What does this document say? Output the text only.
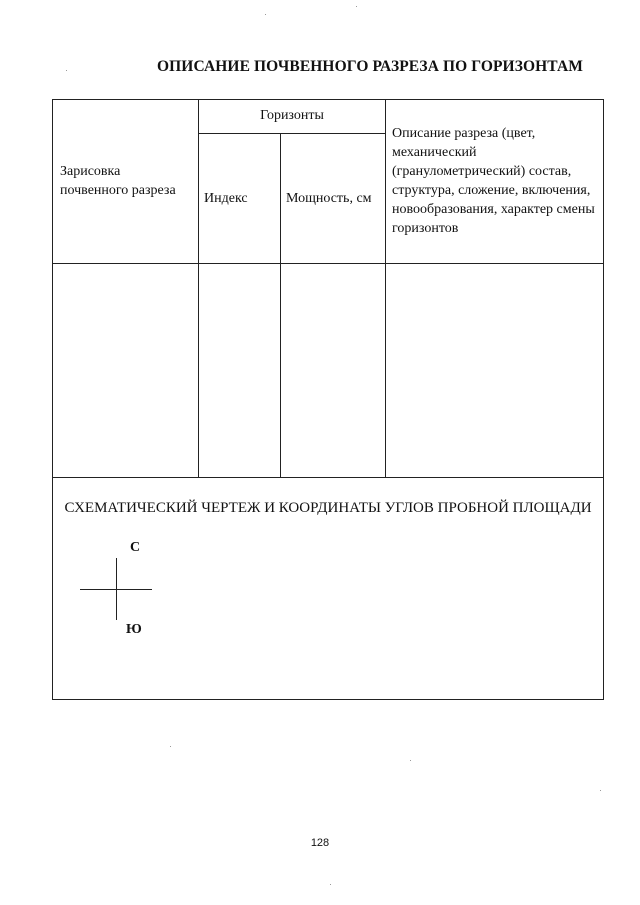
ОПИСАНИЕ ПОЧВЕННОГО РАЗРЕЗА ПО ГОРИЗОНТАМ
Зарисовка почвенного разреза
Горизонты
Индекс	Мощность, см
Описание разреза (цвет, механический (гранулометрический) состав, структура, сложение, включения, новообразования, характер смены горизонтов
СХЕМАТИЧЕСКИЙ ЧЕРТЕЖ И КООРДИНАТЫ УГЛОВ ПРОБНОЙ ПЛОЩАДИ
С
Ю
128
